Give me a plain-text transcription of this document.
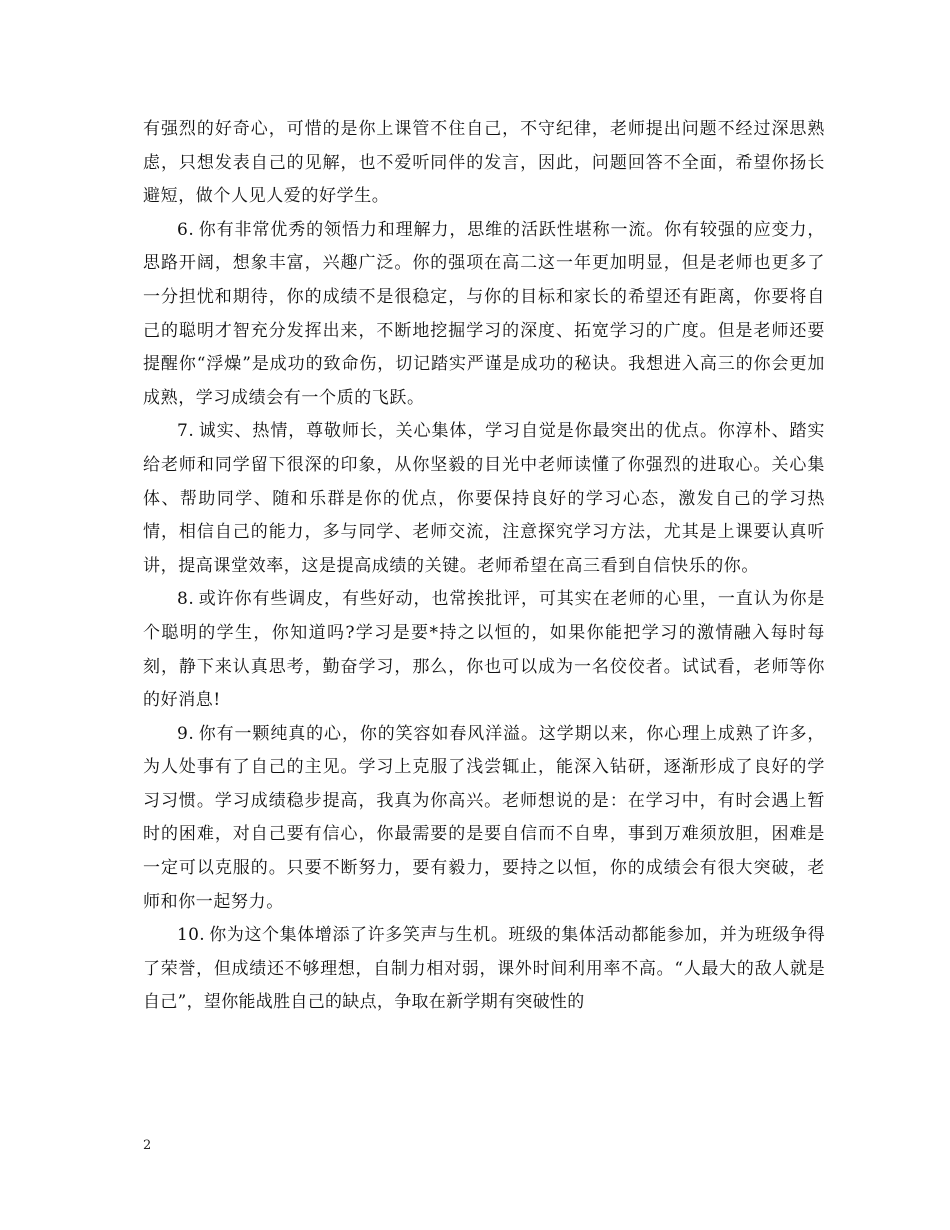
有强烈的好奇心，可惜的是你上课管不住自己，不守纪律，老师提出问题不经过深思熟虑，只想发表自己的见解，也不爱听同伴的发言，因此，问题回答不全面，希望你扬长避短，做个人见人爱的好学生。

6. 你有非常优秀的领悟力和理解力，思维的活跃性堪称一流。你有较强的应变力，思路开阔，想象丰富，兴趣广泛。你的强项在高二这一年更加明显，但是老师也更多了一分担忧和期待，你的成绩不是很稳定，与你的目标和家长的希望还有距离，你要将自己的聪明才智充分发挥出来，不断地挖掘学习的深度、拓宽学习的广度。但是老师还要提醒你“浮燥”是成功的致命伤，切记踏实严谨是成功的秘诀。我想进入高三的你会更加成熟，学习成绩会有一个质的飞跃。

7. 诚实、热情，尊敬师长，关心集体，学习自觉是你最突出的优点。你淳朴、踏实给老师和同学留下很深的印象，从你坚毅的目光中老师读懂了你强烈的进取心。关心集体、帮助同学、随和乐群是你的优点，你要保持良好的学习心态，激发自己的学习热情，相信自己的能力，多与同学、老师交流，注意探究学习方法，尤其是上课要认真听讲，提高课堂效率，这是提高成绩的关键。老师希望在高三看到自信快乐的你。

8. 或许你有些调皮，有些好动，也常挨批评，可其实在老师的心里，一直认为你是个聪明的学生，你知道吗?学习是要*持之以恒的，如果你能把学习的激情融入每时每刻，静下来认真思考，勤奋学习，那么，你也可以成为一名佼佼者。试试看，老师等你的好消息!

9. 你有一颗纯真的心，你的笑容如春风洋溢。这学期以来，你心理上成熟了许多，为人处事有了自己的主见。学习上克服了浅尝辄止，能深入钻研，逐渐形成了良好的学习习惯。学习成绩稳步提高，我真为你高兴。老师想说的是：在学习中，有时会遇上暂时的困难，对自己要有信心，你最需要的是要自信而不自卑，事到万难须放胆，困难是一定可以克服的。只要不断努力，要有毅力，要持之以恒，你的成绩会有很大突破，老师和你一起努力。

10. 你为这个集体增添了许多笑声与生机。班级的集体活动都能参加，并为班级争得了荣誉，但成绩还不够理想，自制力相对弱，课外时间利用率不高。“人最大的敌人就是自己”，望你能战胜自己的缺点，争取在新学期有突破性的

2
